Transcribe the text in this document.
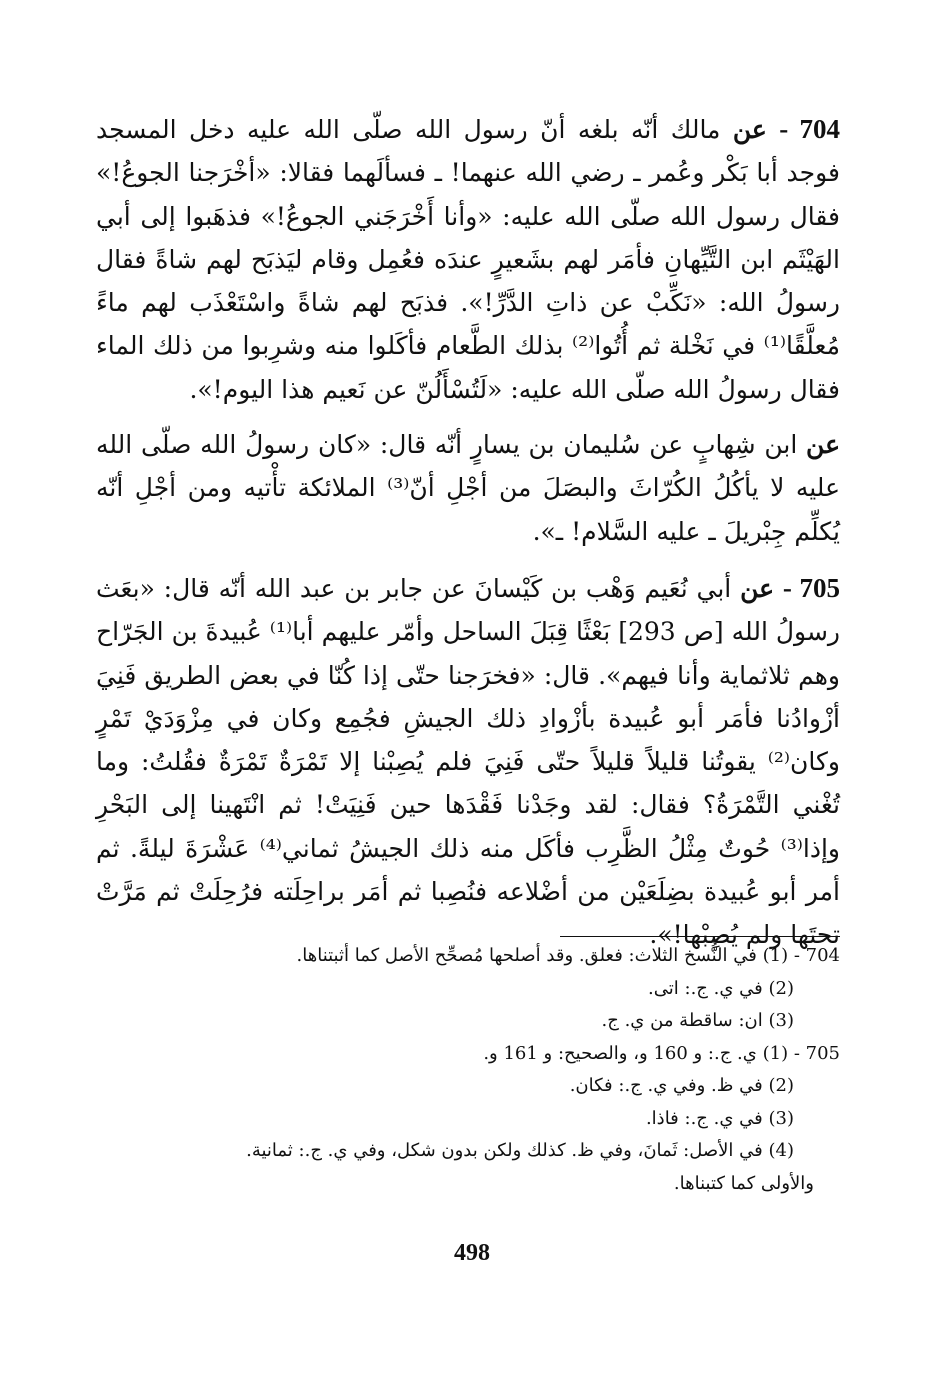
704 - عن مالك أنّه بلغه أنّ رسول الله صلّى الله عليه دخل المسجد فوجد أبا بَكْر وعُمر ـ رضي الله عنهما! ـ فسألَهما فقالا: «أخْرَجنا الجوعُ!» فقال رسول الله صلّى الله عليه: «وأنا أَخْرَجَني الجوعُ!» فذهَبوا إلى أبي الهَيْثَم ابن التَّيِّهانِ فأمَر لهم بشَعيرٍ عندَه فعُمِل وقام ليَذبَح لهم شاةً فقال رسولُ الله: «نَكِّبْ عن ذاتِ الدَّرِّ!». فذبَح لهم شاةً واسْتَعْذَب لهم ماءً مُعلَّقًا⁽¹⁾ في نَخْلة ثم أُتُوا⁽²⁾ بذلك الطَّعام فأكَلوا منه وشرِبوا من ذلك الماء فقال رسولُ الله صلّى الله عليه: «لَتُسْأَلُنّ عن نَعيم هذا اليوم!».

عن ابن شِهابٍ عن سُليمان بن يسارٍ أنّه قال: «كان رسولُ الله صلّى الله عليه لا يأكُلُ الكُرّاثَ والبصَلَ من أجْلِ أنّ⁽³⁾ الملائكة تأْتيه ومن أجْلِ أنّه يُكلِّم جِبْريلَ ـ عليه السَّلام! ـ».

705 - عن أبي نُعَيم وَهْب بن كَيْسانَ عن جابر بن عبد الله أنّه قال: «بعَث رسولُ الله [ص 293] بَعْثًا قِبَلَ الساحل وأمّر عليهم أبا⁽¹⁾ عُبيدةَ بن الجَرّاح وهم ثلاثماية وأنا فيهم». قال: «فخرَجنا حتّى إذا كُنّا في بعض الطريق فَنِيَ أزْوادُنا فأمَر أبو عُبيدة بأزْوادِ ذلك الجيشِ فجُمِع وكان في مِزْوَدَيْ تَمْرٍ وكان⁽²⁾ يقوتُنا قليلاً قليلاً حتّى فَنِيَ فلم يُصِبْنا إلا تَمْرَةٌ تَمْرَةٌ فقُلتُ: وما تُغْني التَّمْرَةُ؟ فقال: لقد وجَدْنا فَقْدَها حين فَنِيَتْ! ثم انْتَهينا إلى البَحْرِ وإذا⁽³⁾ حُوتٌ مِثْلُ الظَّرِب فأكَل منه ذلك الجيشُ ثماني⁽⁴⁾ عَشْرَةَ ليلةً. ثم أمر أبو عُبيدة بضِلَعَيْن من أضْلاعه فنُصِبا ثم أمَر براحِلَته فرُحِلَتْ ثم مَرَّتْ تحتَها ولم يُصِبْها!».

704 - (1) في النُّسخ الثلاث: فعلق. وقد أصلحها مُصحِّح الأصل كما أثبتناها.

(2) في ي. ج.: اتى.

(3) ان: ساقطة من ي. ج.

705 - (1) ي. ج.: و 160 و، والصحيح: و 161 و.

(2) في ظ. وفي ي. ج.: فكان.

(3) في ي. ج.: فاذا.

(4) في الأصل: ثَمانَ، وفي ظ. كذلك ولكن بدون شكل، وفي ي. ج.: ثمانية.

والأولى كما كتبناها.

498
